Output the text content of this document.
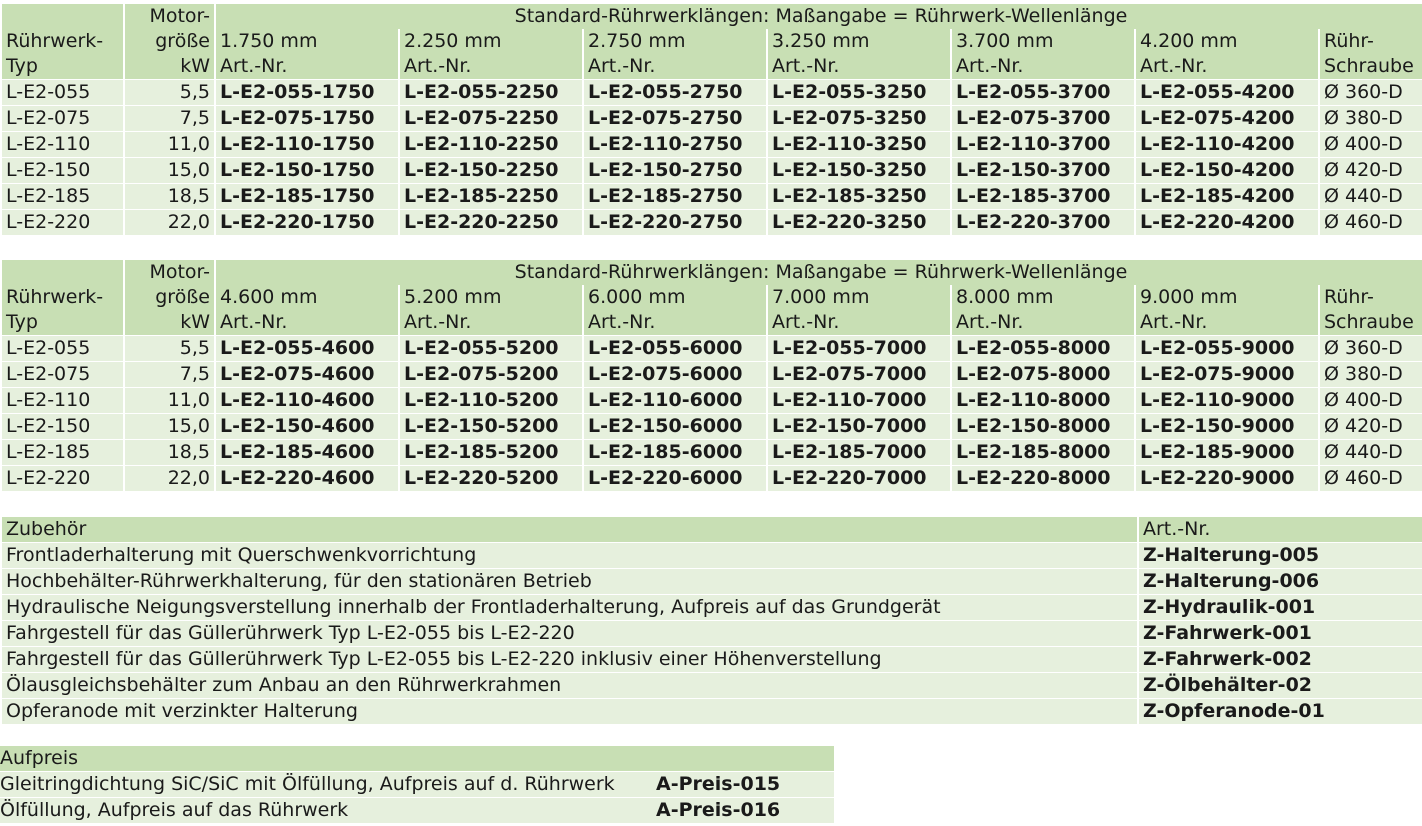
	Motor-	Standard-Rührwerklängen: Maßangabe = Rührwerk-Wellenlänge						
Rührwerk-	größe	1.750 mm	2.250 mm	2.750 mm	3.250 mm	3.700 mm	4.200 mm	Rühr-
Typ	kW	Art.-Nr.	Art.-Nr.	Art.-Nr.	Art.-Nr.	Art.-Nr.	Art.-Nr.	Schraube
L-E2-055	5,5	L-E2-055-1750	L-E2-055-2250	L-E2-055-2750	L-E2-055-3250	L-E2-055-3700	L-E2-055-4200	Ø 360-D
L-E2-075	7,5	L-E2-075-1750	L-E2-075-2250	L-E2-075-2750	L-E2-075-3250	L-E2-075-3700	L-E2-075-4200	Ø 380-D
L-E2-110	11,0	L-E2-110-1750	L-E2-110-2250	L-E2-110-2750	L-E2-110-3250	L-E2-110-3700	L-E2-110-4200	Ø 400-D
L-E2-150	15,0	L-E2-150-1750	L-E2-150-2250	L-E2-150-2750	L-E2-150-3250	L-E2-150-3700	L-E2-150-4200	Ø 420-D
L-E2-185	18,5	L-E2-185-1750	L-E2-185-2250	L-E2-185-2750	L-E2-185-3250	L-E2-185-3700	L-E2-185-4200	Ø 440-D
L-E2-220	22,0	L-E2-220-1750	L-E2-220-2250	L-E2-220-2750	L-E2-220-3250	L-E2-220-3700	L-E2-220-4200	Ø 460-D
	Motor-	Standard-Rührwerklängen: Maßangabe = Rührwerk-Wellenlänge						
Rührwerk-	größe	4.600 mm	5.200 mm	6.000 mm	7.000 mm	8.000 mm	9.000 mm	Rühr-
Typ	kW	Art.-Nr.	Art.-Nr.	Art.-Nr.	Art.-Nr.	Art.-Nr.	Art.-Nr.	Schraube
L-E2-055	5,5	L-E2-055-4600	L-E2-055-5200	L-E2-055-6000	L-E2-055-7000	L-E2-055-8000	L-E2-055-9000	Ø 360-D
L-E2-075	7,5	L-E2-075-4600	L-E2-075-5200	L-E2-075-6000	L-E2-075-7000	L-E2-075-8000	L-E2-075-9000	Ø 380-D
L-E2-110	11,0	L-E2-110-4600	L-E2-110-5200	L-E2-110-6000	L-E2-110-7000	L-E2-110-8000	L-E2-110-9000	Ø 400-D
L-E2-150	15,0	L-E2-150-4600	L-E2-150-5200	L-E2-150-6000	L-E2-150-7000	L-E2-150-8000	L-E2-150-9000	Ø 420-D
L-E2-185	18,5	L-E2-185-4600	L-E2-185-5200	L-E2-185-6000	L-E2-185-7000	L-E2-185-8000	L-E2-185-9000	Ø 440-D
L-E2-220	22,0	L-E2-220-4600	L-E2-220-5200	L-E2-220-6000	L-E2-220-7000	L-E2-220-8000	L-E2-220-9000	Ø 460-D
Zubehör	Art.-Nr.
Frontladerhalterung mit Querschwenkvorrichtung	Z-Halterung-005
Hochbehälter-Rührwerkhalterung, für den stationären Betrieb	Z-Halterung-006
Hydraulische Neigungsverstellung innerhalb der Frontladerhalterung, Aufpreis auf das Grundgerät	Z-Hydraulik-001
Fahrgestell für das Güllerührwerk Typ L-E2-055 bis L-E2-220	Z-Fahrwerk-001
Fahrgestell für das Güllerührwerk Typ L-E2-055 bis L-E2-220 inklusiv einer Höhenverstellung	Z-Fahrwerk-002
Ölausgleichsbehälter zum Anbau an den Rührwerkrahmen	Z-Ölbehälter-02
Opferanode mit verzinkter Halterung	Z-Opferanode-01
Aufpreis	
Gleitringdichtung SiC/SiC mit Ölfüllung, Aufpreis auf d. Rührwerk	A-Preis-015
Ölfüllung, Aufpreis auf das Rührwerk	A-Preis-016
